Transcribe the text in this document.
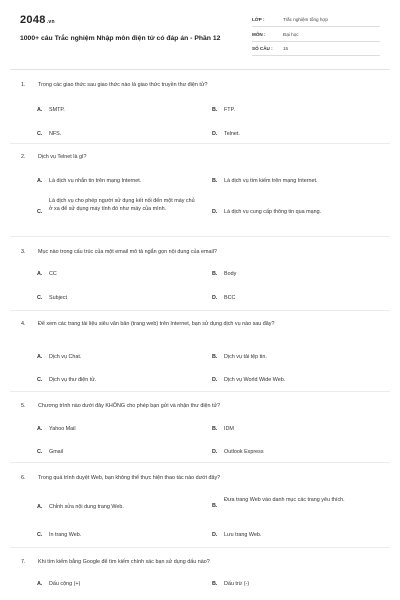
2048.vn
1000+ câu Trắc nghiệm Nhập môn điện tử có đáp án - Phần 12
LỚP :	Trắc nghiệm tổng hợp
MÔN :	Đại học
SỐ CÂU : 15
1. Trong các giao thức sau giao thức nào là giao thức truyền thư điện tử?
A. SMTP.	B. FTP.
C. NFS.	D. Telnet.
2. Dịch vụ Telnet là gì?
A. Là dịch vụ nhắn tin trên mạng Internet.	B. Là dịch vụ tìm kiếm trên mạng Internet.
C.
Là dịch vụ cho phép người sử dụng kết nối đến một máy chủ ở xa để sử dụng máy tính đó như máy của mình.	D. Là dịch vụ cung cấp thông tin qua mạng.
3. Mục nào trong cấu trúc của một email mô tả ngắn gọn nội dung của email?
A. CC	B. Body
C. Subject	D. BCC
4. Để xem các trang tài liệu siêu văn bản (trang web) trên Internet, bạn sử dụng dịch vụ nào sau đây?
A. Dịch vụ Chat.	B. Dịch vụ tải tệp tin.
C. Dịch vụ thư điện tử.	D. Dịch vụ World Wide Web.
5. Chương trình nào dưới đây KHÔNG cho phép bạn gửi và nhận thư điện tử?
A. Yahoo Mail	B. IDM
C. Gmail	D. Outlook Express
6. Trong quá trình duyệt Web, bạn không thể thực hiện thao tác nào dưới đây?
A. Chỉnh sửa nội dung trang Web.	B.
Đưa trang Web vào danh mục các trang yêu thích.
C. In trang Web.	D. Lưu trang Web.
7. Khi tìm kiếm bằng Google để tìm kiếm chính xác bạn sử dụng dấu nào?
A. Dấu cộng (+)	B. Dấu trừ (-)
